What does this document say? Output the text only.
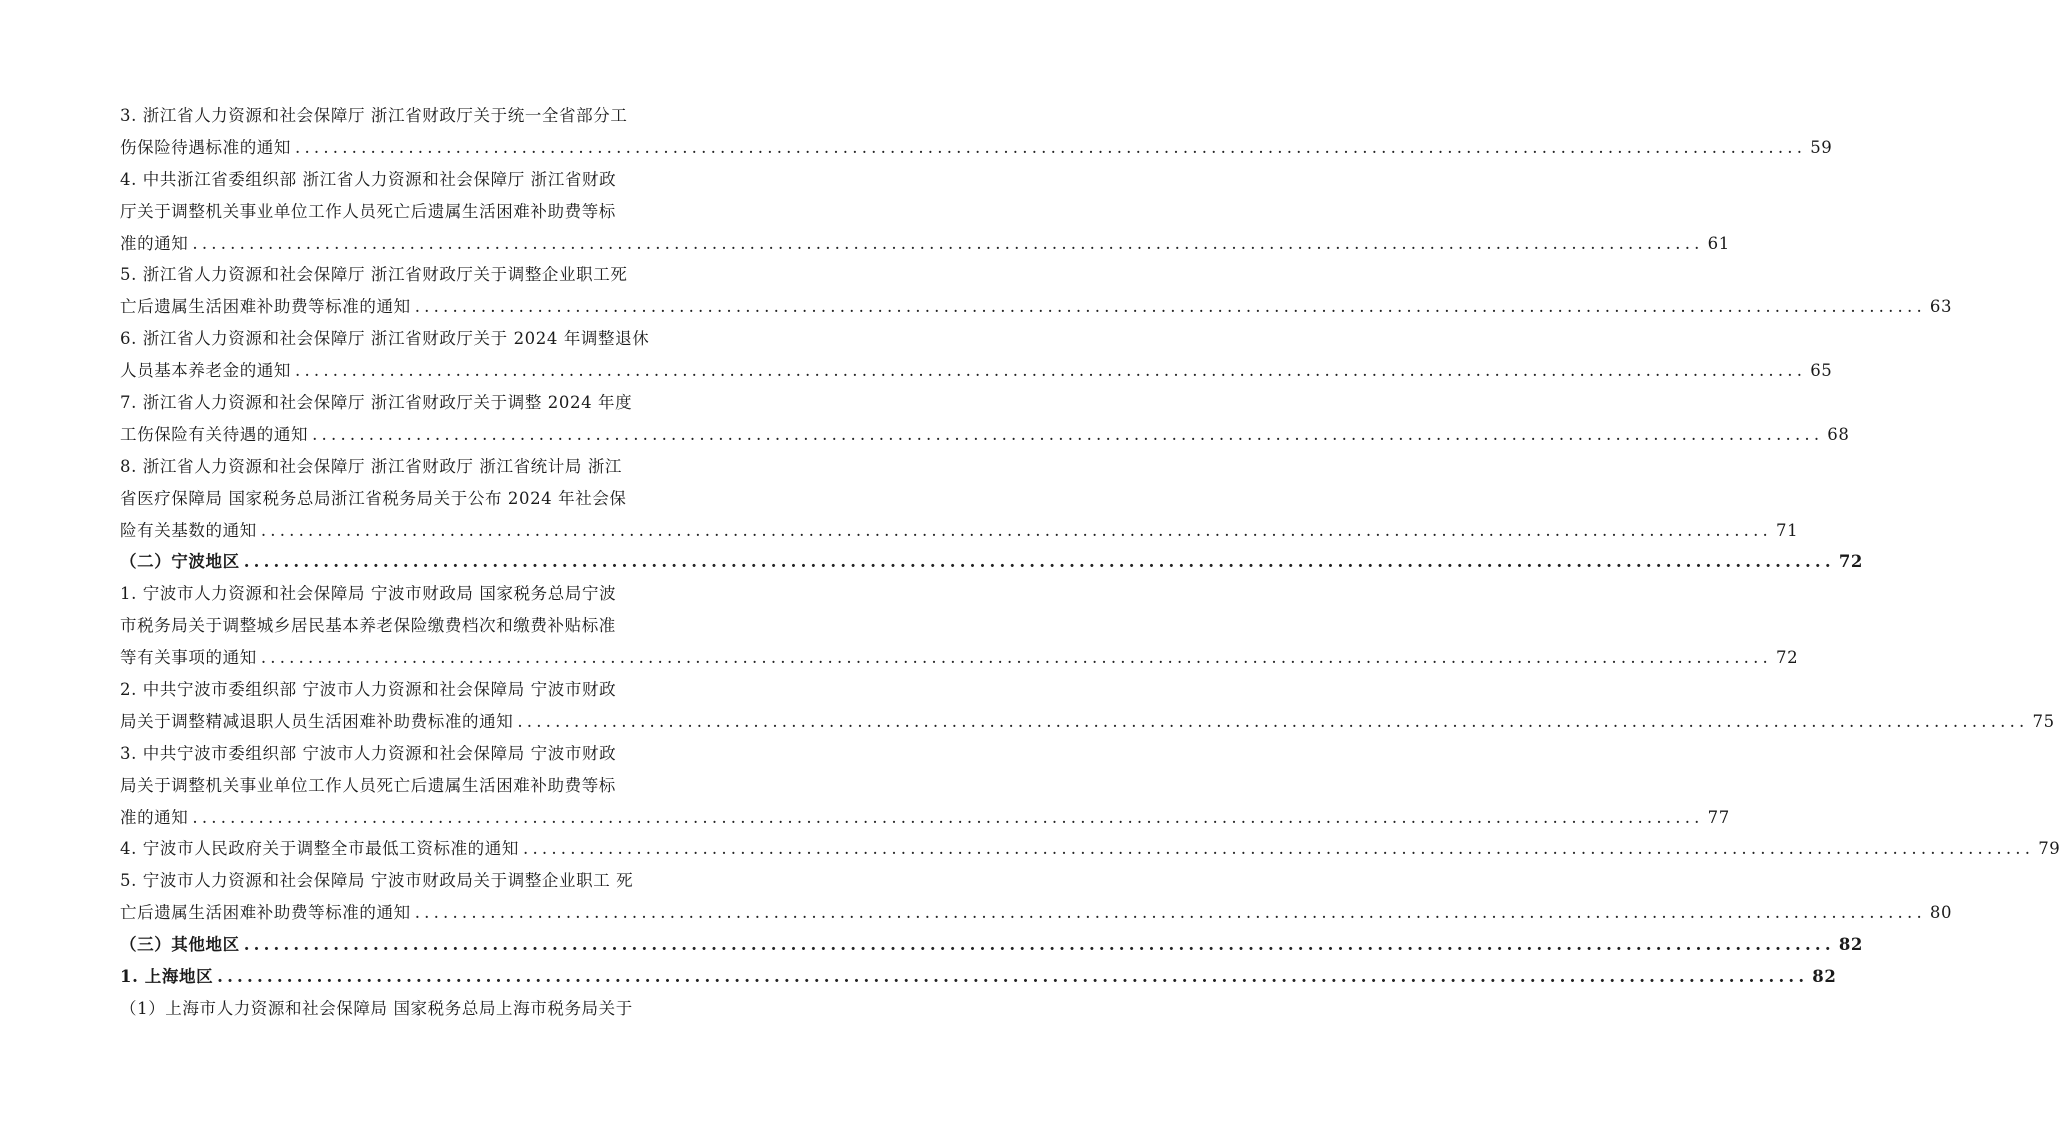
3. 浙江省人力资源和社会保障厅 浙江省财政厅关于统一全省部分工
伤保险待遇标准的通知 ................................................................................................................................................................ 59
4. 中共浙江省委组织部 浙江省人力资源和社会保障厅 浙江省财政
厅关于调整机关事业单位工作人员死亡后遗属生活困难补助费等标
准的通知 ................................................................................................................................................................ 61
5. 浙江省人力资源和社会保障厅 浙江省财政厅关于调整企业职工死
亡后遗属生活困难补助费等标准的通知 ................................................................................................................................................................ 63
6. 浙江省人力资源和社会保障厅 浙江省财政厅关于 2024 年调整退休
人员基本养老金的通知 ................................................................................................................................................................ 65
7. 浙江省人力资源和社会保障厅 浙江省财政厅关于调整 2024 年度
工伤保险有关待遇的通知 ................................................................................................................................................................ 68
8. 浙江省人力资源和社会保障厅 浙江省财政厅 浙江省统计局 浙江
省医疗保障局 国家税务总局浙江省税务局关于公布 2024 年社会保
险有关基数的通知 ................................................................................................................................................................ 71
（二）宁波地区 ................................................................................................................................................................ 72
1. 宁波市人力资源和社会保障局 宁波市财政局 国家税务总局宁波
市税务局关于调整城乡居民基本养老保险缴费档次和缴费补贴标准
等有关事项的通知 ................................................................................................................................................................ 72
2. 中共宁波市委组织部 宁波市人力资源和社会保障局 宁波市财政
局关于调整精减退职人员生活困难补助费标准的通知 ................................................................................................................................................................ 75
3. 中共宁波市委组织部 宁波市人力资源和社会保障局 宁波市财政
局关于调整机关事业单位工作人员死亡后遗属生活困难补助费等标
准的通知 ................................................................................................................................................................ 77
4. 宁波市人民政府关于调整全市最低工资标准的通知 ................................................................................................................................................................ 79
5. 宁波市人力资源和社会保障局 宁波市财政局关于调整企业职工 死
亡后遗属生活困难补助费等标准的通知 ................................................................................................................................................................ 80
（三）其他地区 ................................................................................................................................................................ 82
1. 上海地区 ................................................................................................................................................................ 82
（1）上海市人力资源和社会保障局 国家税务总局上海市税务局关于
